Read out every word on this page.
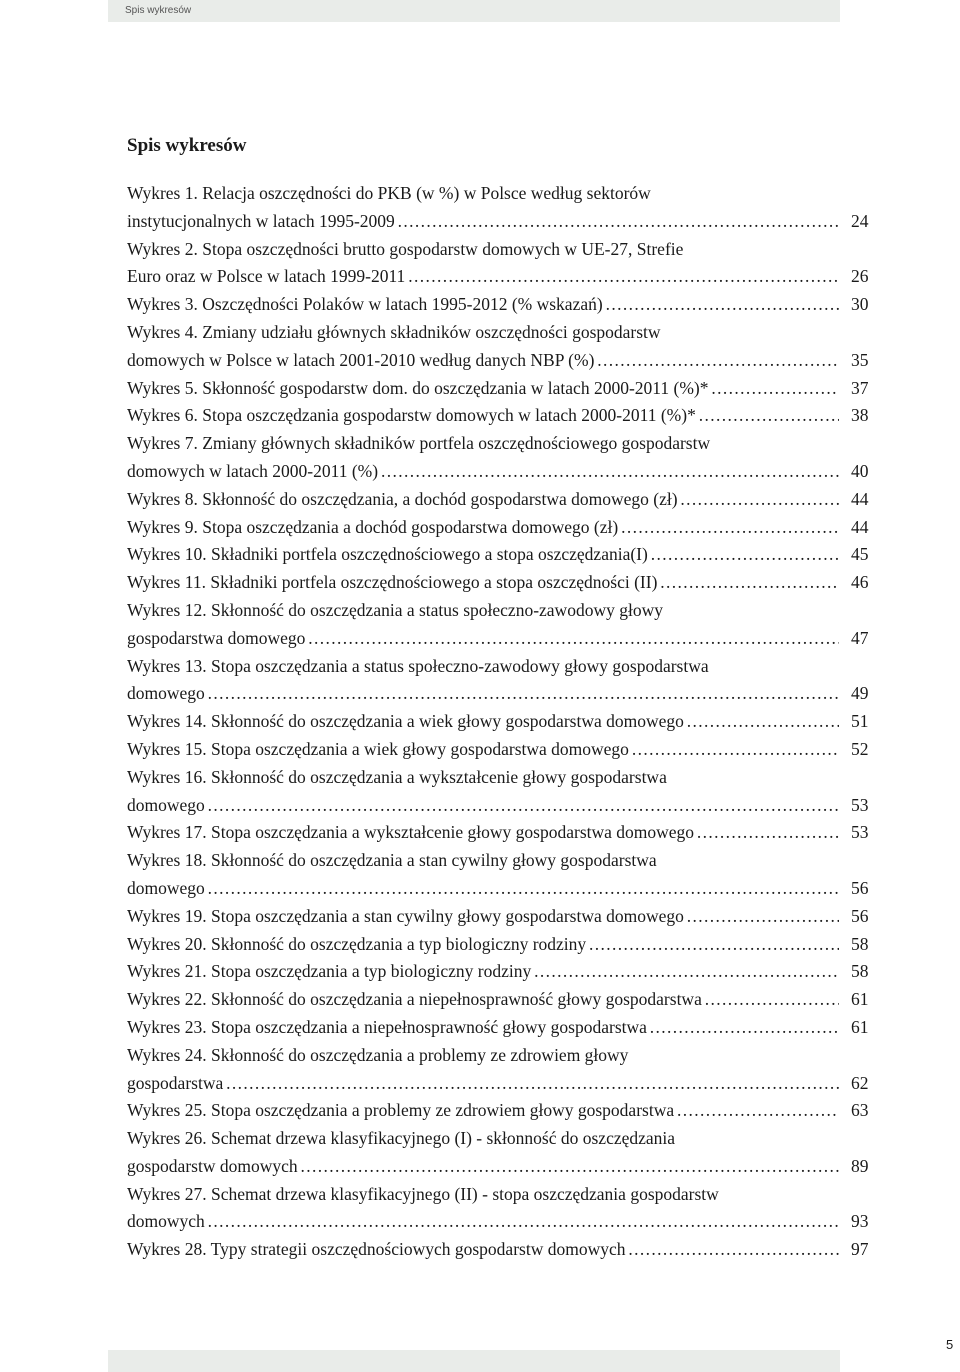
Spis wykresów
Spis wykresów
Wykres 1. Relacja oszczędności do PKB (w %) w Polsce według sektorów
instytucjonalnych w latach 1995-2009 . . .	24
Wykres 2. Stopa oszczędności brutto gospodarstw domowych w UE-27, Strefie
Euro oraz w Polsce w latach 1999-2011 . . .	26
Wykres 3. Oszczędności Polaków w latach 1995-2012 (% wskazań) . . .	30
Wykres 4. Zmiany udziału głównych składników oszczędności gospodarstw
domowych w Polsce w latach 2001-2010 według danych NBP (%) . . .	35
Wykres 5. Skłonność gospodarstw dom. do oszczędzania w latach 2000-2011 (%)* . . .	37
Wykres 6. Stopa oszczędzania gospodarstw domowych w latach 2000-2011 (%)* . . .	38
Wykres 7. Zmiany głównych składników portfela oszczędnościowego gospodarstw
domowych w latach 2000-2011 (%) . . .	40
Wykres 8. Skłonność do oszczędzania, a dochód gospodarstwa domowego (zł) . . .	44
Wykres 9. Stopa oszczędzania a dochód gospodarstwa domowego (zł) . . .	44
Wykres 10. Składniki portfela oszczędnościowego a stopa oszczędzania(I) . . .	45
Wykres 11. Składniki portfela oszczędnościowego a stopa oszczędności (II) . . .	46
Wykres 12. Skłonność do oszczędzania a status społeczno-zawodowy głowy
gospodarstwa domowego . . .	47
Wykres 13. Stopa oszczędzania a status społeczno-zawodowy głowy gospodarstwa
domowego . . .	49
Wykres 14. Skłonność do oszczędzania a wiek głowy gospodarstwa domowego . . .	51
Wykres 15. Stopa oszczędzania a wiek głowy gospodarstwa domowego . . .	52
Wykres 16. Skłonność do oszczędzania a wykształcenie głowy gospodarstwa
domowego . . .	53
Wykres 17. Stopa oszczędzania a wykształcenie głowy gospodarstwa domowego . . .	53
Wykres 18. Skłonność do oszczędzania a stan cywilny głowy gospodarstwa
domowego . . .	56
Wykres 19. Stopa oszczędzania a stan cywilny głowy gospodarstwa domowego . . .	56
Wykres 20. Skłonność do oszczędzania a typ biologiczny rodziny . . .	58
Wykres 21. Stopa oszczędzania a typ biologiczny rodziny . . .	58
Wykres 22. Skłonność do oszczędzania a niepełnosprawność głowy gospodarstwa . . .	61
Wykres 23. Stopa oszczędzania a niepełnosprawność głowy gospodarstwa . . .	61
Wykres 24. Skłonność do oszczędzania a problemy ze zdrowiem głowy
gospodarstwa . . .	62
Wykres 25. Stopa oszczędzania a problemy ze zdrowiem głowy gospodarstwa . . .	63
Wykres 26. Schemat drzewa klasyfikacyjnego (I) - skłonność do oszczędzania
gospodarstw domowych . . .	89
Wykres 27. Schemat drzewa klasyfikacyjnego (II) - stopa oszczędzania gospodarstw
domowych . . .	93
Wykres 28. Typy strategii oszczędnościowych gospodarstw domowych . . .	97
5
